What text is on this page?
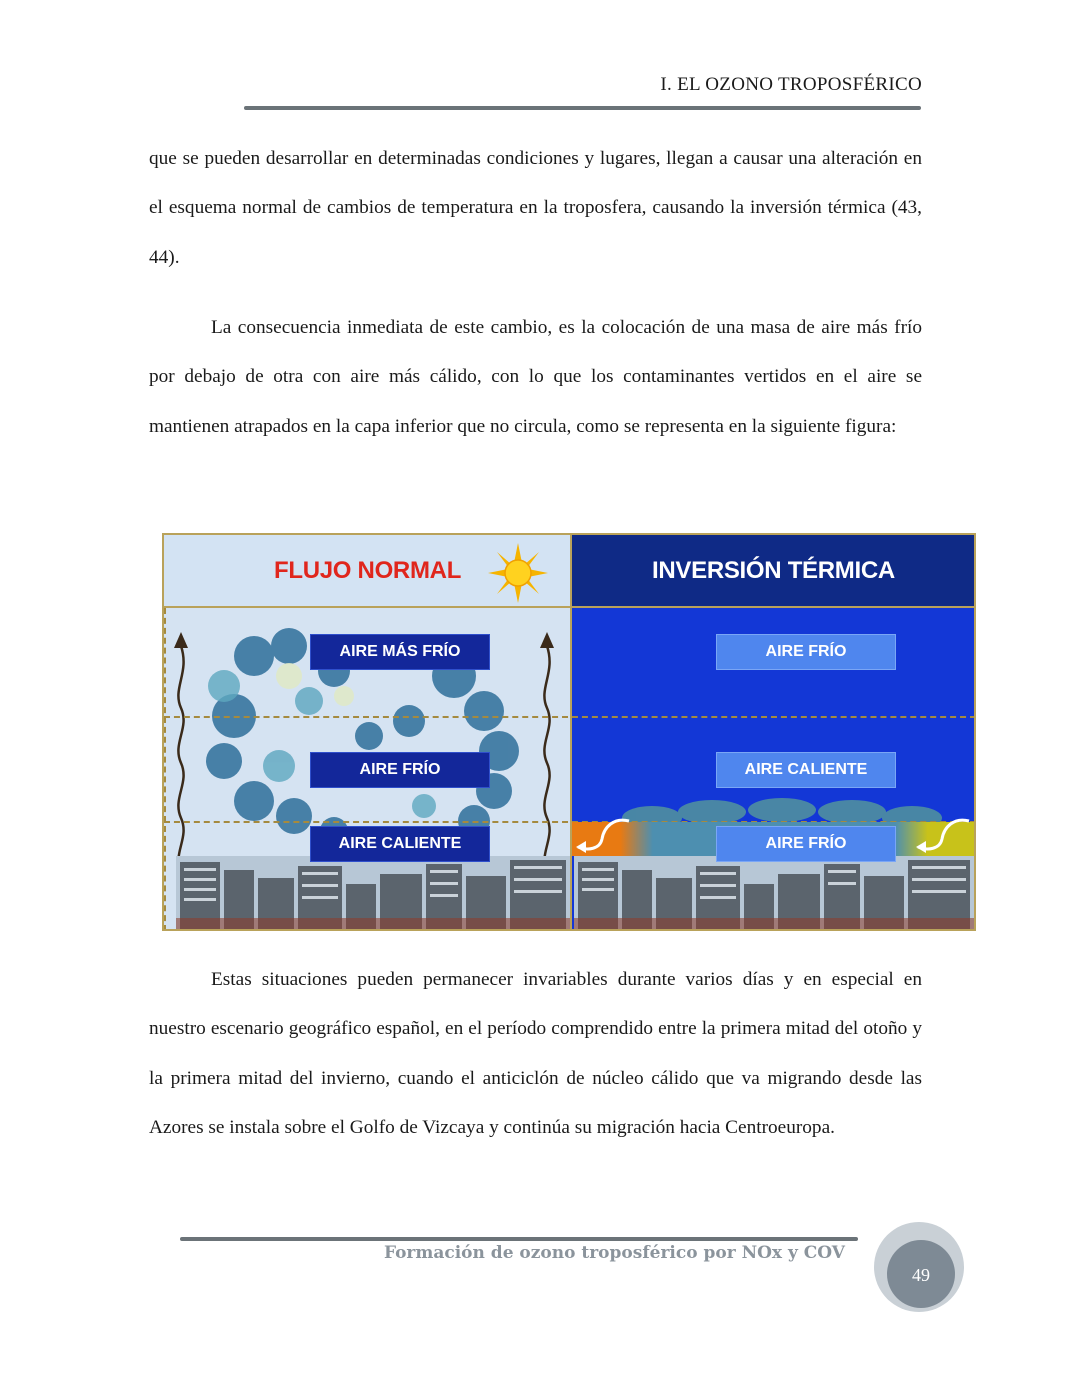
I. EL OZONO TROPOSFÉRICO

que se pueden desarrollar en determinadas condiciones y lugares, llegan a causar una alteración en el esquema normal de cambios de temperatura en la troposfera, causando la inversión térmica (43, 44).

La consecuencia inmediata de este cambio, es la colocación de una masa de aire más frío por debajo de otra con aire más cálido, con lo que los contaminantes vertidos en el aire se mantienen atrapados en la capa inferior que no circula, como se representa en la siguiente figura:

FLUJO NORMAL	INVERSIÓN TÉRMICA
AIRE MÁS FRÍO
AIRE FRÍO
AIRE CALIENTE
AIRE FRÍO
AIRE CALIENTE
AIRE FRÍO

Estas situaciones pueden permanecer invariables durante varios días y en especial en nuestro escenario geográfico español, en el período comprendido entre la primera mitad del otoño y la primera mitad del invierno, cuando el anticiclón de núcleo cálido que va migrando desde las Azores se instala sobre el Golfo de Vizcaya y continúa su migración hacia Centroeuropa.

Formación de ozono troposférico por NOx y COV
49
